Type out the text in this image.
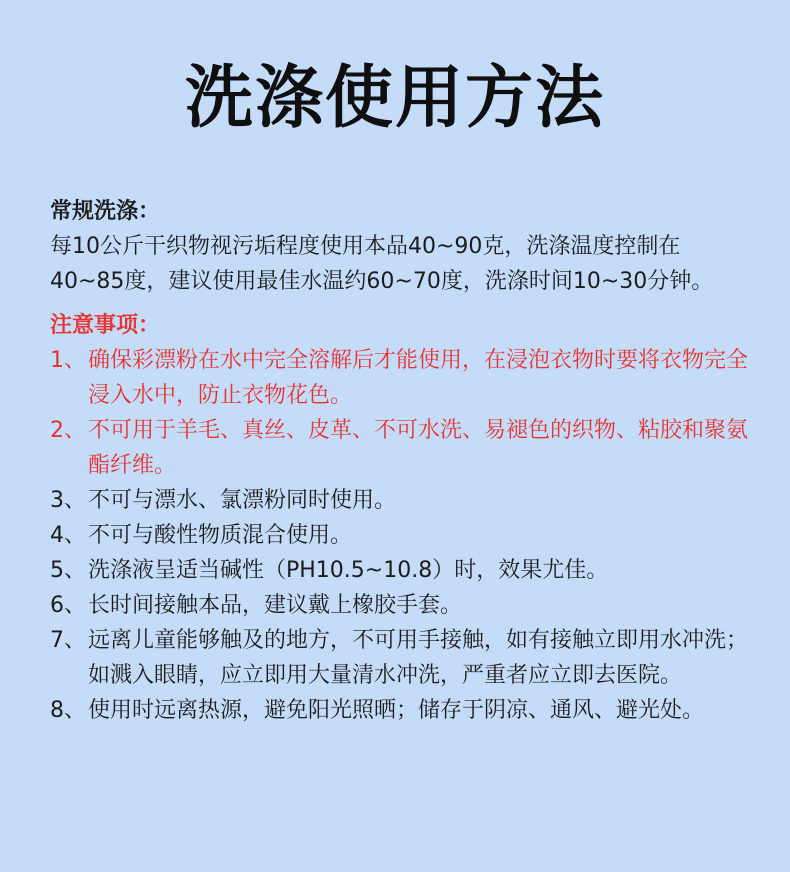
洗涤使用方法
常规洗涤：

每10公斤干织物视污垢程度使用本品40~90克，洗涤温度控制在40~85度，建议使用最佳水温约60~70度，洗涤时间10~30分钟。

注意事项：
1、 确保彩漂粉在水中完全溶解后才能使用，在浸泡衣物时要将衣物完全浸入水中，防止衣物花色。
2、 不可用于羊毛、真丝、皮革、不可水洗、易褪色的织物、粘胶和聚氨酯纤维。
3、 不可与漂水、氯漂粉同时使用。
4、 不可与酸性物质混合使用。
5、 洗涤液呈适当碱性（PH10.5~10.8）时，效果尤佳。
6、 长时间接触本品，建议戴上橡胶手套。
7、 远离儿童能够触及的地方，不可用手接触，如有接触立即用水冲洗；如溅入眼睛，应立即用大量清水冲洗，严重者应立即去医院。
8、 使用时远离热源，避免阳光照晒；储存于阴凉、通风、避光处。
